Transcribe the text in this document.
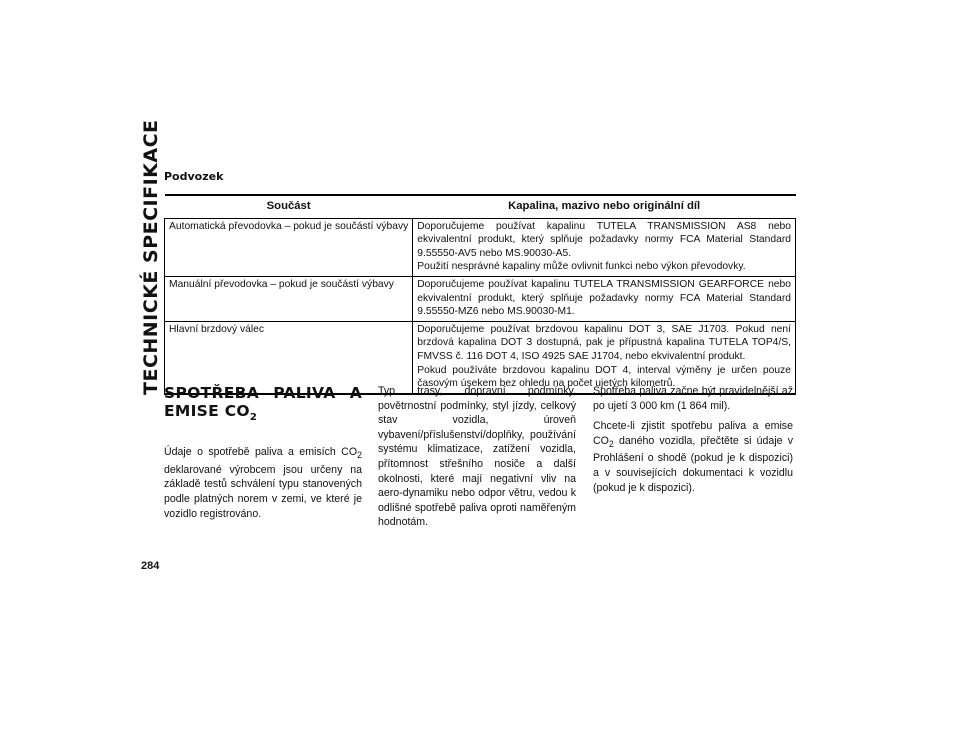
TECHNICKÉ SPECIFIKACE Podvozek
Součást	Kapalina, mazivo nebo originální díl
Automatická převodovka – pokud je součástí výbavy	Doporučujeme používat kapalinu TUTELA TRANSMISSION AS8 nebo ekvivalentní produkt, který splňuje požadavky normy FCA Material Standard 9.55550-AV5 nebo MS.90030-A5.
Použití nesprávné kapaliny může ovlivnit funkci nebo výkon převodovky.

Manuální převodovka – pokud je součástí výbavy	Doporučujeme používat kapalinu TUTELA TRANSMISSION GEARFORCE nebo ekvivalentní produkt, který splňuje požadavky normy FCA Material Standard 9.55550-MZ6 nebo MS.90030-M1.

Hlavní brzdový válec	Doporučujeme používat brzdovou kapalinu DOT 3, SAE J1703. Pokud není brzdová kapalina DOT 3 dostupná, pak je přípustná kapalina TUTELA TOP4/S, FMVSS č. 116 DOT 4, ISO 4925 SAE J1704, nebo ekvivalentní produkt.
Pokud používáte brzdovou kapalinu DOT 4, interval výměny je určen pouze časovým úsekem bez ohledu na počet ujetých kilometrů.
SPOTŘEBA PALIVA A EMISE $CO_2$

Údaje o spotřebě paliva a emisích $CO_2$ deklarované výrobcem jsou určeny na základě testů schválení typu stanovených podle platných norem v zemi, ve které je vozidlo registrováno.

Typ trasy, dopravní podmínky, povětrnostní podmínky, styl jízdy, celkový stav vozidla, úroveň vybavení/příslušenství/doplňky, používání systému klimatizace, zatížení vozidla, přítomnost střešního nosiče a další okolnosti, které mají negativní vliv na aero-dynamiku nebo odpor větru, vedou k odlišné spotřebě paliva oproti naměřeným hodnotám.

Spotřeba paliva začne být pravidelnější až po ujetí 3 000 km (1 864 mil).

Chcete-li zjistit spotřebu paliva a emise $CO_2$ daného vozidla, přečtěte si údaje v Prohlášení o shodě (pokud je k dispozici) a v souvisejících dokumentaci k vozidlu (pokud je k dispozici).

284
